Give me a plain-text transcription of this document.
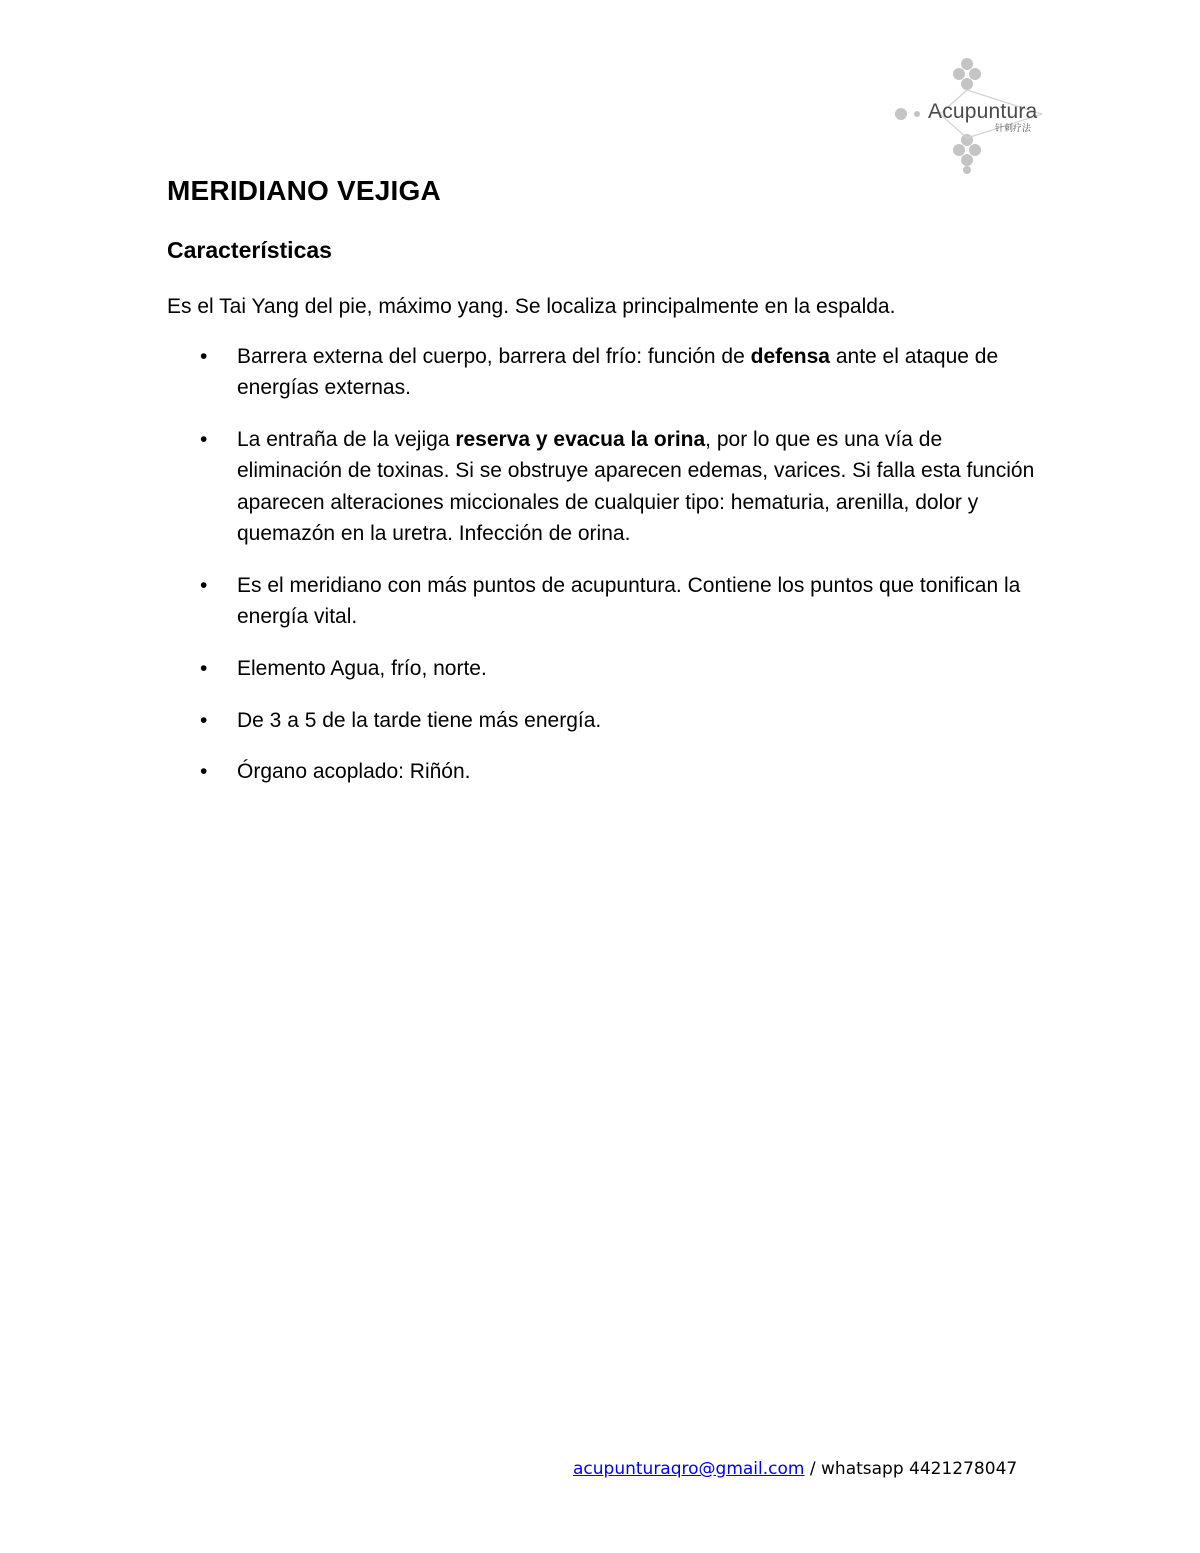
Acupuntura
针刺疗法
MERIDIANO VEJIGA
Características

Es el Tai Yang del pie, máximo yang. Se localiza principalmente en la espalda.

• Barrera externa del cuerpo, barrera del frío: función de defensa ante el ataque de energías externas.
• La entraña de la vejiga reserva y evacua la orina, por lo que es una vía de eliminación de toxinas. Si se obstruye aparecen edemas, varices. Si falla esta función aparecen alteraciones miccionales de cualquier tipo: hematuria, arenilla, dolor y quemazón en la uretra. Infección de orina.
• Es el meridiano con más puntos de acupuntura. Contiene los puntos que tonifican la energía vital.
• Elemento Agua, frío, norte.
• De 3 a 5 de la tarde tiene más energía.
• Órgano acoplado: Riñón.
acupunturaqro@gmail.com / whatsapp 4421278047
